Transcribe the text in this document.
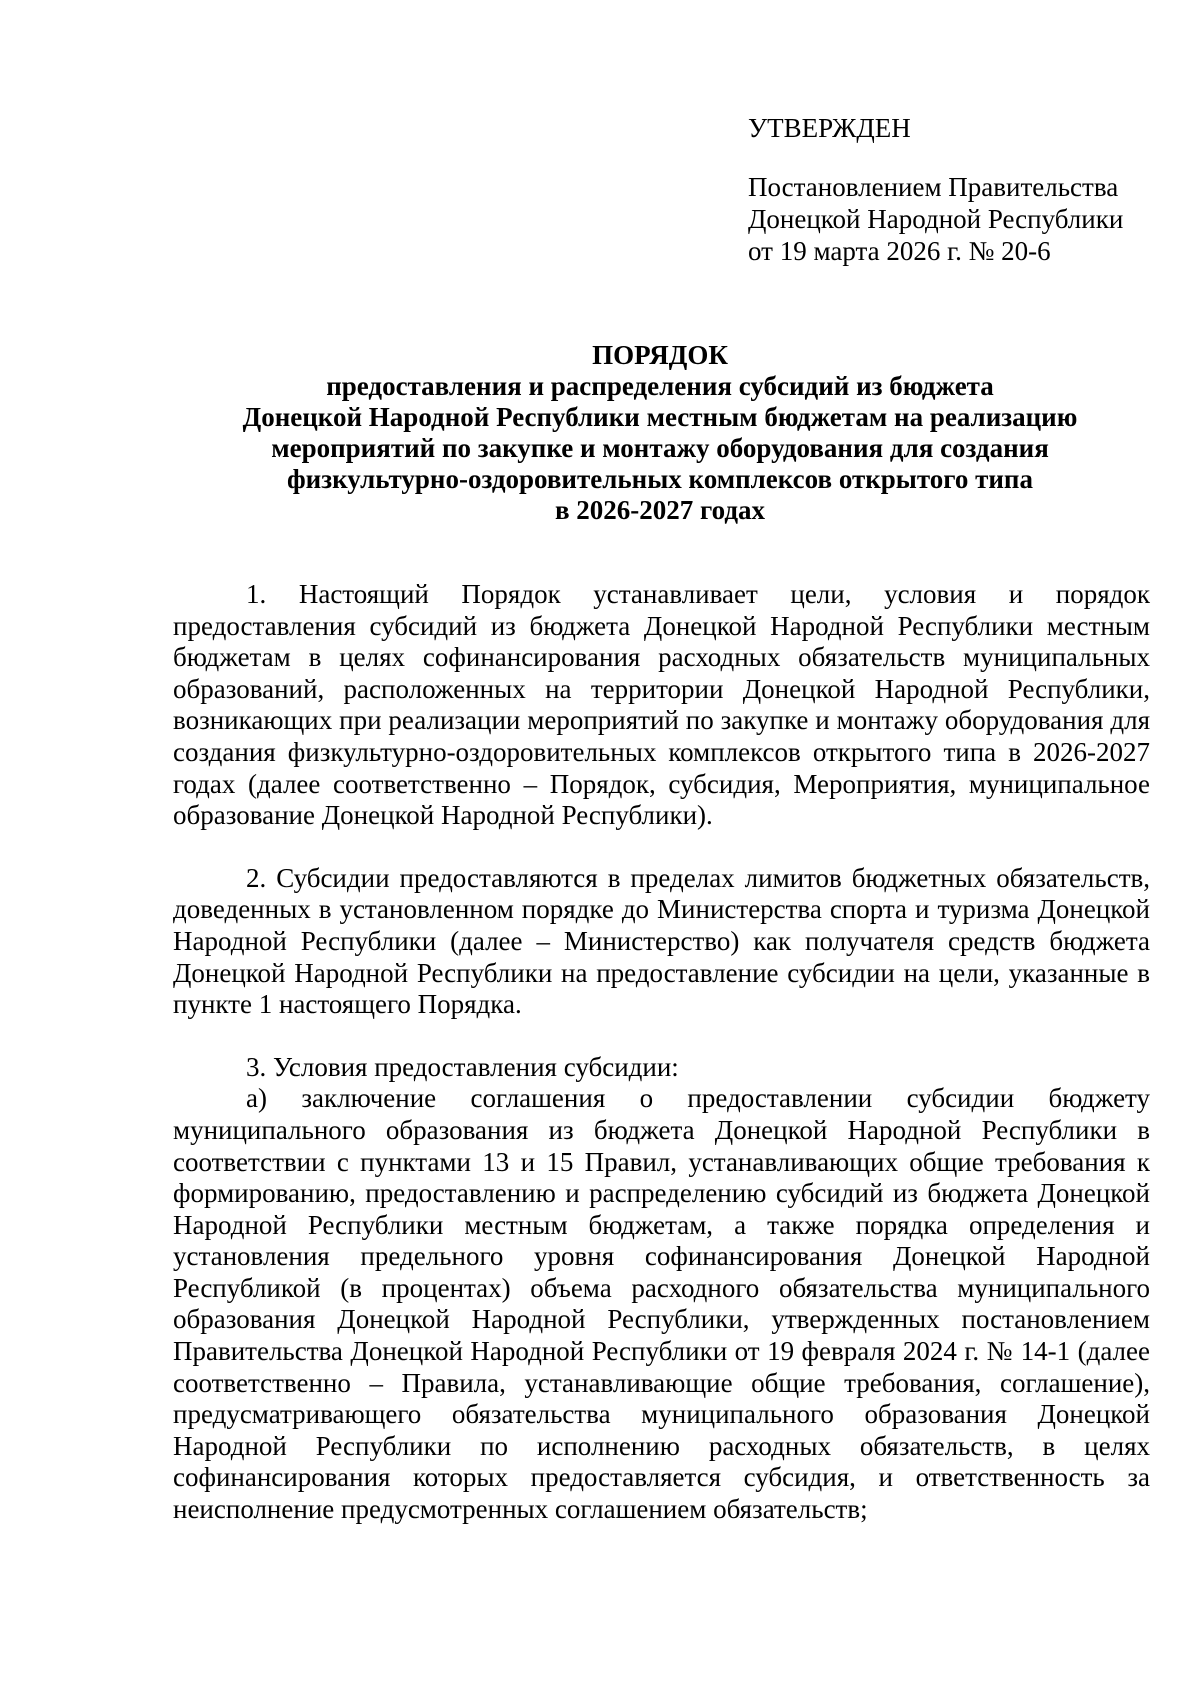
УТВЕРЖДЕН
Постановлением Правительства
Донецкой Народной Республики
от 19 марта 2026 г. № 20-6
ПОРЯДОК
предоставления и распределения субсидий из бюджета
Донецкой Народной Республики местным бюджетам на реализацию
мероприятий по закупке и монтажу оборудования для создания
физкультурно-оздоровительных комплексов открытого типа
в 2026-2027 годах

1. Настоящий Порядок устанавливает цели, условия и порядок предоставления субсидий из бюджета Донецкой Народной Республики местным бюджетам в целях софинансирования расходных обязательств муниципальных образований, расположенных на территории Донецкой Народной Республики, возникающих при реализации мероприятий по закупке и монтажу оборудования для создания физкультурно-оздоровительных комплексов открытого типа в 2026-2027 годах (далее соответственно – Порядок, субсидия, Мероприятия, муниципальное образование Донецкой Народной Республики).

2. Субсидии предоставляются в пределах лимитов бюджетных обязательств, доведенных в установленном порядке до Министерства спорта и туризма Донецкой Народной Республики (далее – Министерство) как получателя средств бюджета Донецкой Народной Республики на предоставление субсидии на цели, указанные в пункте 1 настоящего Порядка.

3. Условия предоставления субсидии:

а) заключение соглашения о предоставлении субсидии бюджету муниципального образования из бюджета Донецкой Народной Республики в соответствии с пунктами 13 и 15 Правил, устанавливающих общие требования к формированию, предоставлению и распределению субсидий из бюджета Донецкой Народной Республики местным бюджетам, а также порядка определения и установления предельного уровня софинансирования Донецкой Народной Республикой (в процентах) объема расходного обязательства муниципального образования Донецкой Народной Республики, утвержденных постановлением Правительства Донецкой Народной Республики от 19 февраля 2024 г. № 14-1 (далее соответственно – Правила, устанавливающие общие требования, соглашение), предусматривающего обязательства муниципального образования Донецкой Народной Республики по исполнению расходных обязательств, в целях софинансирования которых предоставляется субсидия, и ответственность за неисполнение предусмотренных соглашением обязательств;
